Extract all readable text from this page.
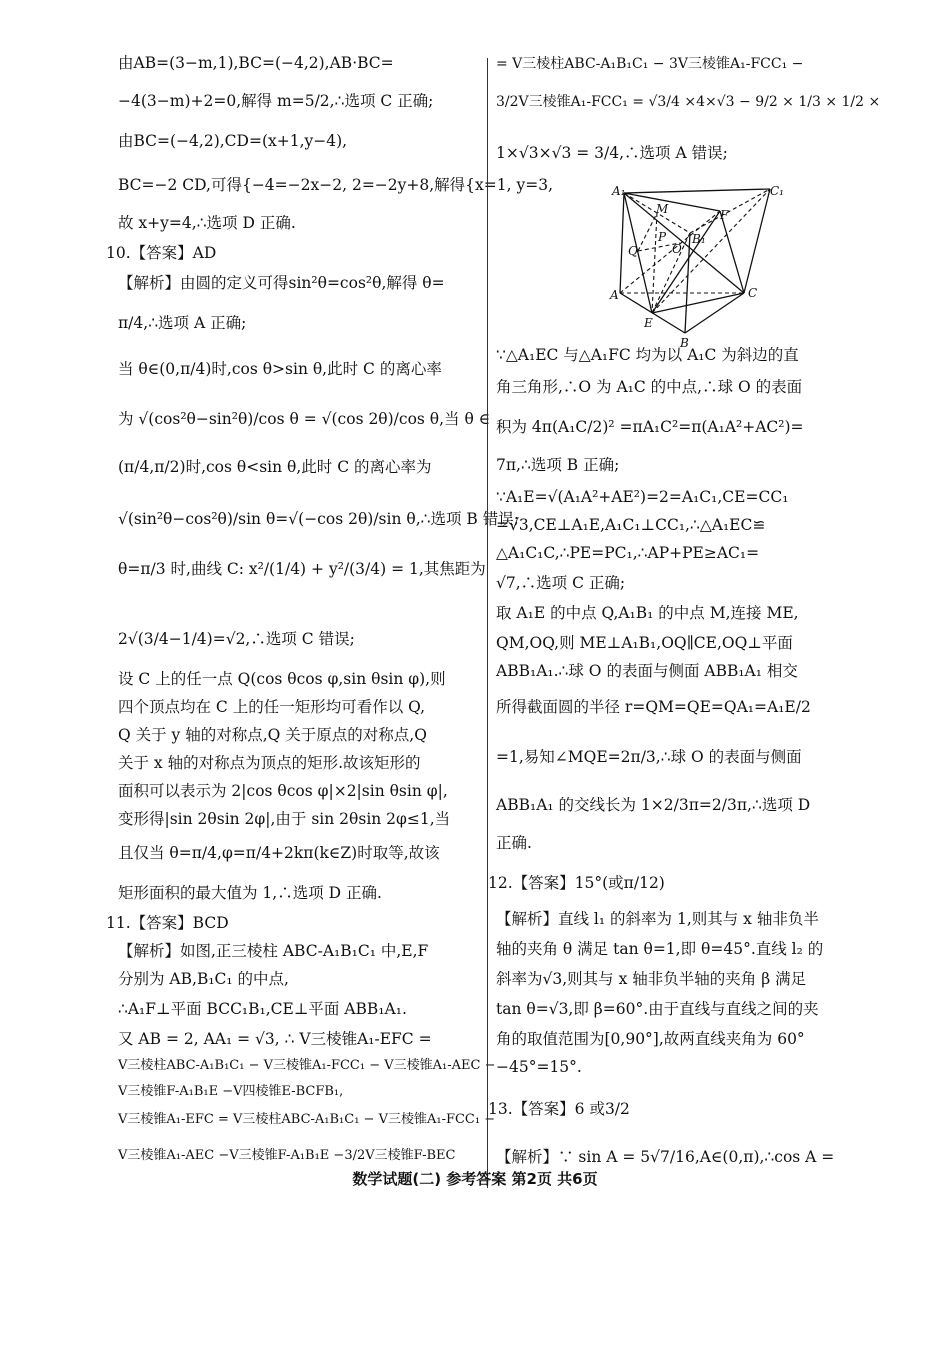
由AB=(3−m,1),BC=(−4,2),AB·BC=
−4(3−m)+2=0,解得 m=5/2,∴选项 C 正确;
由BC=(−4,2),CD=(x+1,y−4),
BC=−2 CD,可得{−4=−2x−2, 2=−2y+8,解得{x=1, y=3,
故 x+y=4,∴选项 D 正确.
10.【答案】AD
【解析】由圆的定义可得sin²θ=cos²θ,解得 θ=
π/4,∴选项 A 正确;
当 θ∈(0,π/4)时,cos θ>sin θ,此时 C 的离心率
为 √(cos²θ−sin²θ)/cos θ = √(cos 2θ)/cos θ,当 θ ∈
(π/4,π/2)时,cos θ<sin θ,此时 C 的离心率为
√(sin²θ−cos²θ)/sin θ=√(−cos 2θ)/sin θ,∴选项 B 错误;
θ=π/3 时,曲线 C: x²/(1/4) + y²/(3/4) = 1,其焦距为
2√(3/4−1/4)=√2,∴选项 C 错误;
设 C 上的任一点 Q(cos θcos φ,sin θsin φ),则
四个顶点均在 C 上的任一矩形均可看作以 Q,
Q 关于 y 轴的对称点,Q 关于原点的对称点,Q
关于 x 轴的对称点为顶点的矩形.故该矩形的
面积可以表示为 2|cos θcos φ|×2|sin θsin φ|,
变形得|sin 2θsin 2φ|,由于 sin 2θsin 2φ≤1,当
且仅当 θ=π/4,φ=π/4+2kπ(k∈Z)时取等,故该
矩形面积的最大值为 1,∴选项 D 正确.
11.【答案】BCD
【解析】如图,正三棱柱 ABC-A₁B₁C₁ 中,E,F
分别为 AB,B₁C₁ 的中点,
∴A₁F⊥平面 BCC₁B₁,CE⊥平面 ABB₁A₁.
又 AB = 2, AA₁ = √3, ∴ V三棱锥A₁-EFC =
V三棱柱ABC-A₁B₁C₁ − V三棱锥A₁-FCC₁ − V三棱锥A₁-AEC −
V三棱锥F-A₁B₁E −V四棱锥E-BCFB₁,
V三棱锥A₁-EFC = V三棱柱ABC-A₁B₁C₁ − V三棱锥A₁-FCC₁ −
V三棱锥A₁-AEC −V三棱锥F-A₁B₁E −3/2V三棱锥F-BEC
= V三棱柱ABC-A₁B₁C₁ − 3V三棱锥A₁-FCC₁ −
3/2V三棱锥A₁-FCC₁ = √3/4 ×4×√3 − 9/2 × 1/3 × 1/2 ×
1×√3×√3 = 3/4,∴选项 A 错误;
∵△A₁EC 与△A₁FC 均为以 A₁C 为斜边的直
角三角形,∴O 为 A₁C 的中点,∴球 O 的表面
积为 4π(A₁C/2)² =πA₁C²=π(A₁A²+AC²)=
7π,∴选项 B 正确;
∵A₁E=√(A₁A²+AE²)=2=A₁C₁,CE=CC₁
=√3,CE⊥A₁E,A₁C₁⊥CC₁,∴△A₁EC≌
△A₁C₁C,∴PE=PC₁,∴AP+PE≥AC₁=
√7,∴选项 C 正确;
取 A₁E 的中点 Q,A₁B₁ 的中点 M,连接 ME,
QM,OQ,则 ME⊥A₁B₁,OQ∥CE,OQ⊥平面
ABB₁A₁.∴球 O 的表面与侧面 ABB₁A₁ 相交
所得截面圆的半径 r=QM=QE=QA₁=A₁E/2
=1,易知∠MQE=2π/3,∴球 O 的表面与侧面
ABB₁A₁ 的交线长为 1×2/3π=2/3π,∴选项 D
正确.
12.【答案】15°(或π/12)
【解析】直线 l₁ 的斜率为 1,则其与 x 轴非负半
轴的夹角 θ 满足 tan θ=1,即 θ=45°.直线 l₂ 的
斜率为√3,则其与 x 轴非负半轴的夹角 β 满足
tan θ=√3,即 β=60°.由于直线与直线之间的夹
角的取值范围为[0,90°],故两直线夹角为 60°
−45°=15°.
13.【答案】6 或3/2
【解析】∵ sin A = 5√7/16,A∈(0,π),∴cos A =
A₁	C₁
M	F
P B₁
Q	O
A	C
E
B
数学试题(二) 参考答案 第2页 共6页
